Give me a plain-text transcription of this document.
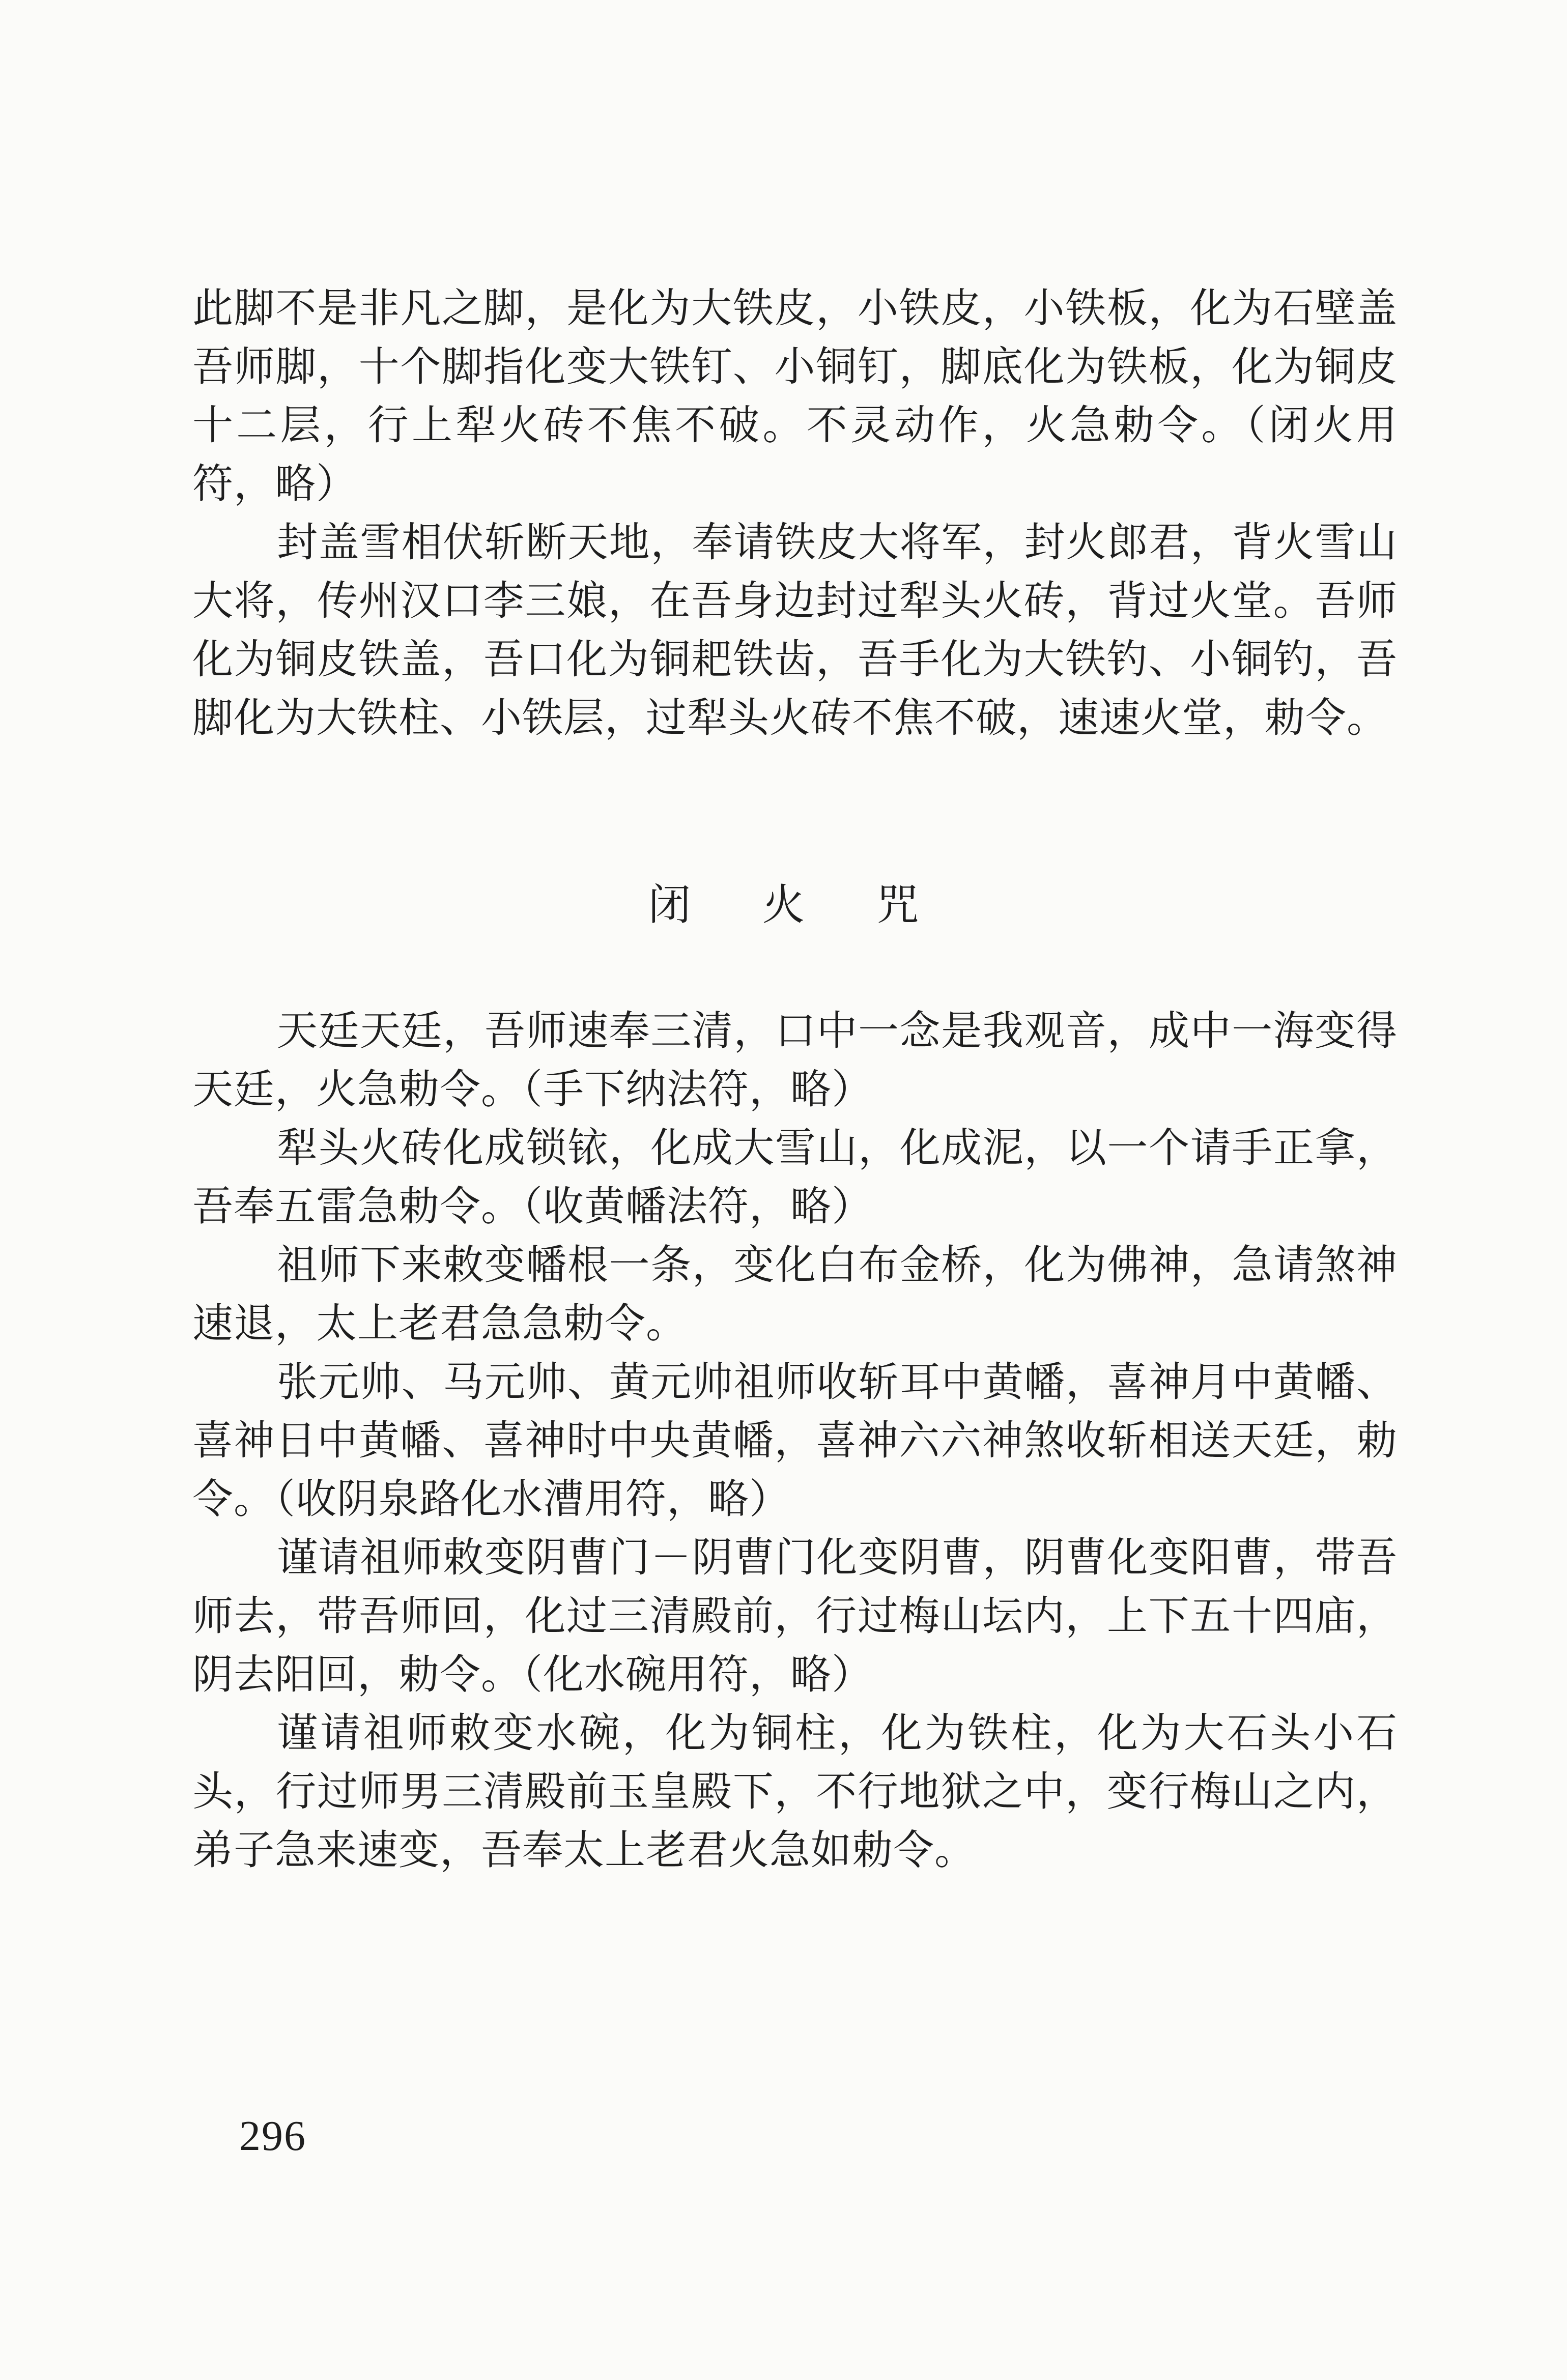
此脚不是非凡之脚，是化为大铁皮，小铁皮，小铁板，化为石壁盖吾师脚，十个脚指化变大铁钉、小铜钉，脚底化为铁板，化为铜皮十二层，行上犁火砖不焦不破。不灵动作，火急勅令。（闭火用符，略）

封盖雪相伏斩断天地，奉请铁皮大将军，封火郎君，背火雪山大将，传州汉口李三娘，在吾身边封过犁头火砖，背过火堂。吾师化为铜皮铁盖，吾口化为铜耙铁齿，吾手化为大铁钓、小铜钓，吾脚化为大铁柱、小铁层，过犁头火砖不焦不破，速速火堂，勅令。

闭火咒

天廷天廷，吾师速奉三清，口中一念是我观音，成中一海变得天廷，火急勅令。（手下纳法符，略）

犁头火砖化成锁铱，化成大雪山，化成泥，以一个请手正拿，吾奉五雷急勅令。（收黄幡法符，略）

祖师下来敕变幡根一条，变化白布金桥，化为佛神，急请煞神速退，太上老君急急勅令。

张元帅、马元帅、黄元帅祖师收斩耳中黄幡，喜神月中黄幡、喜神日中黄幡、喜神时中央黄幡，喜神六六神煞收斩相送天廷，勅令。（收阴泉路化水漕用符，略）

谨请祖师敕变阴曹门－阴曹门化变阴曹，阴曹化变阳曹，带吾师去，带吾师回，化过三清殿前，行过梅山坛内，上下五十四庙，阴去阳回，勅令。（化水碗用符，略）

谨请祖师敕变水碗，化为铜柱，化为铁柱，化为大石头小石头，行过师男三清殿前玉皇殿下，不行地狱之中，变行梅山之内，弟子急来速变，吾奉太上老君火急如勅令。

296
